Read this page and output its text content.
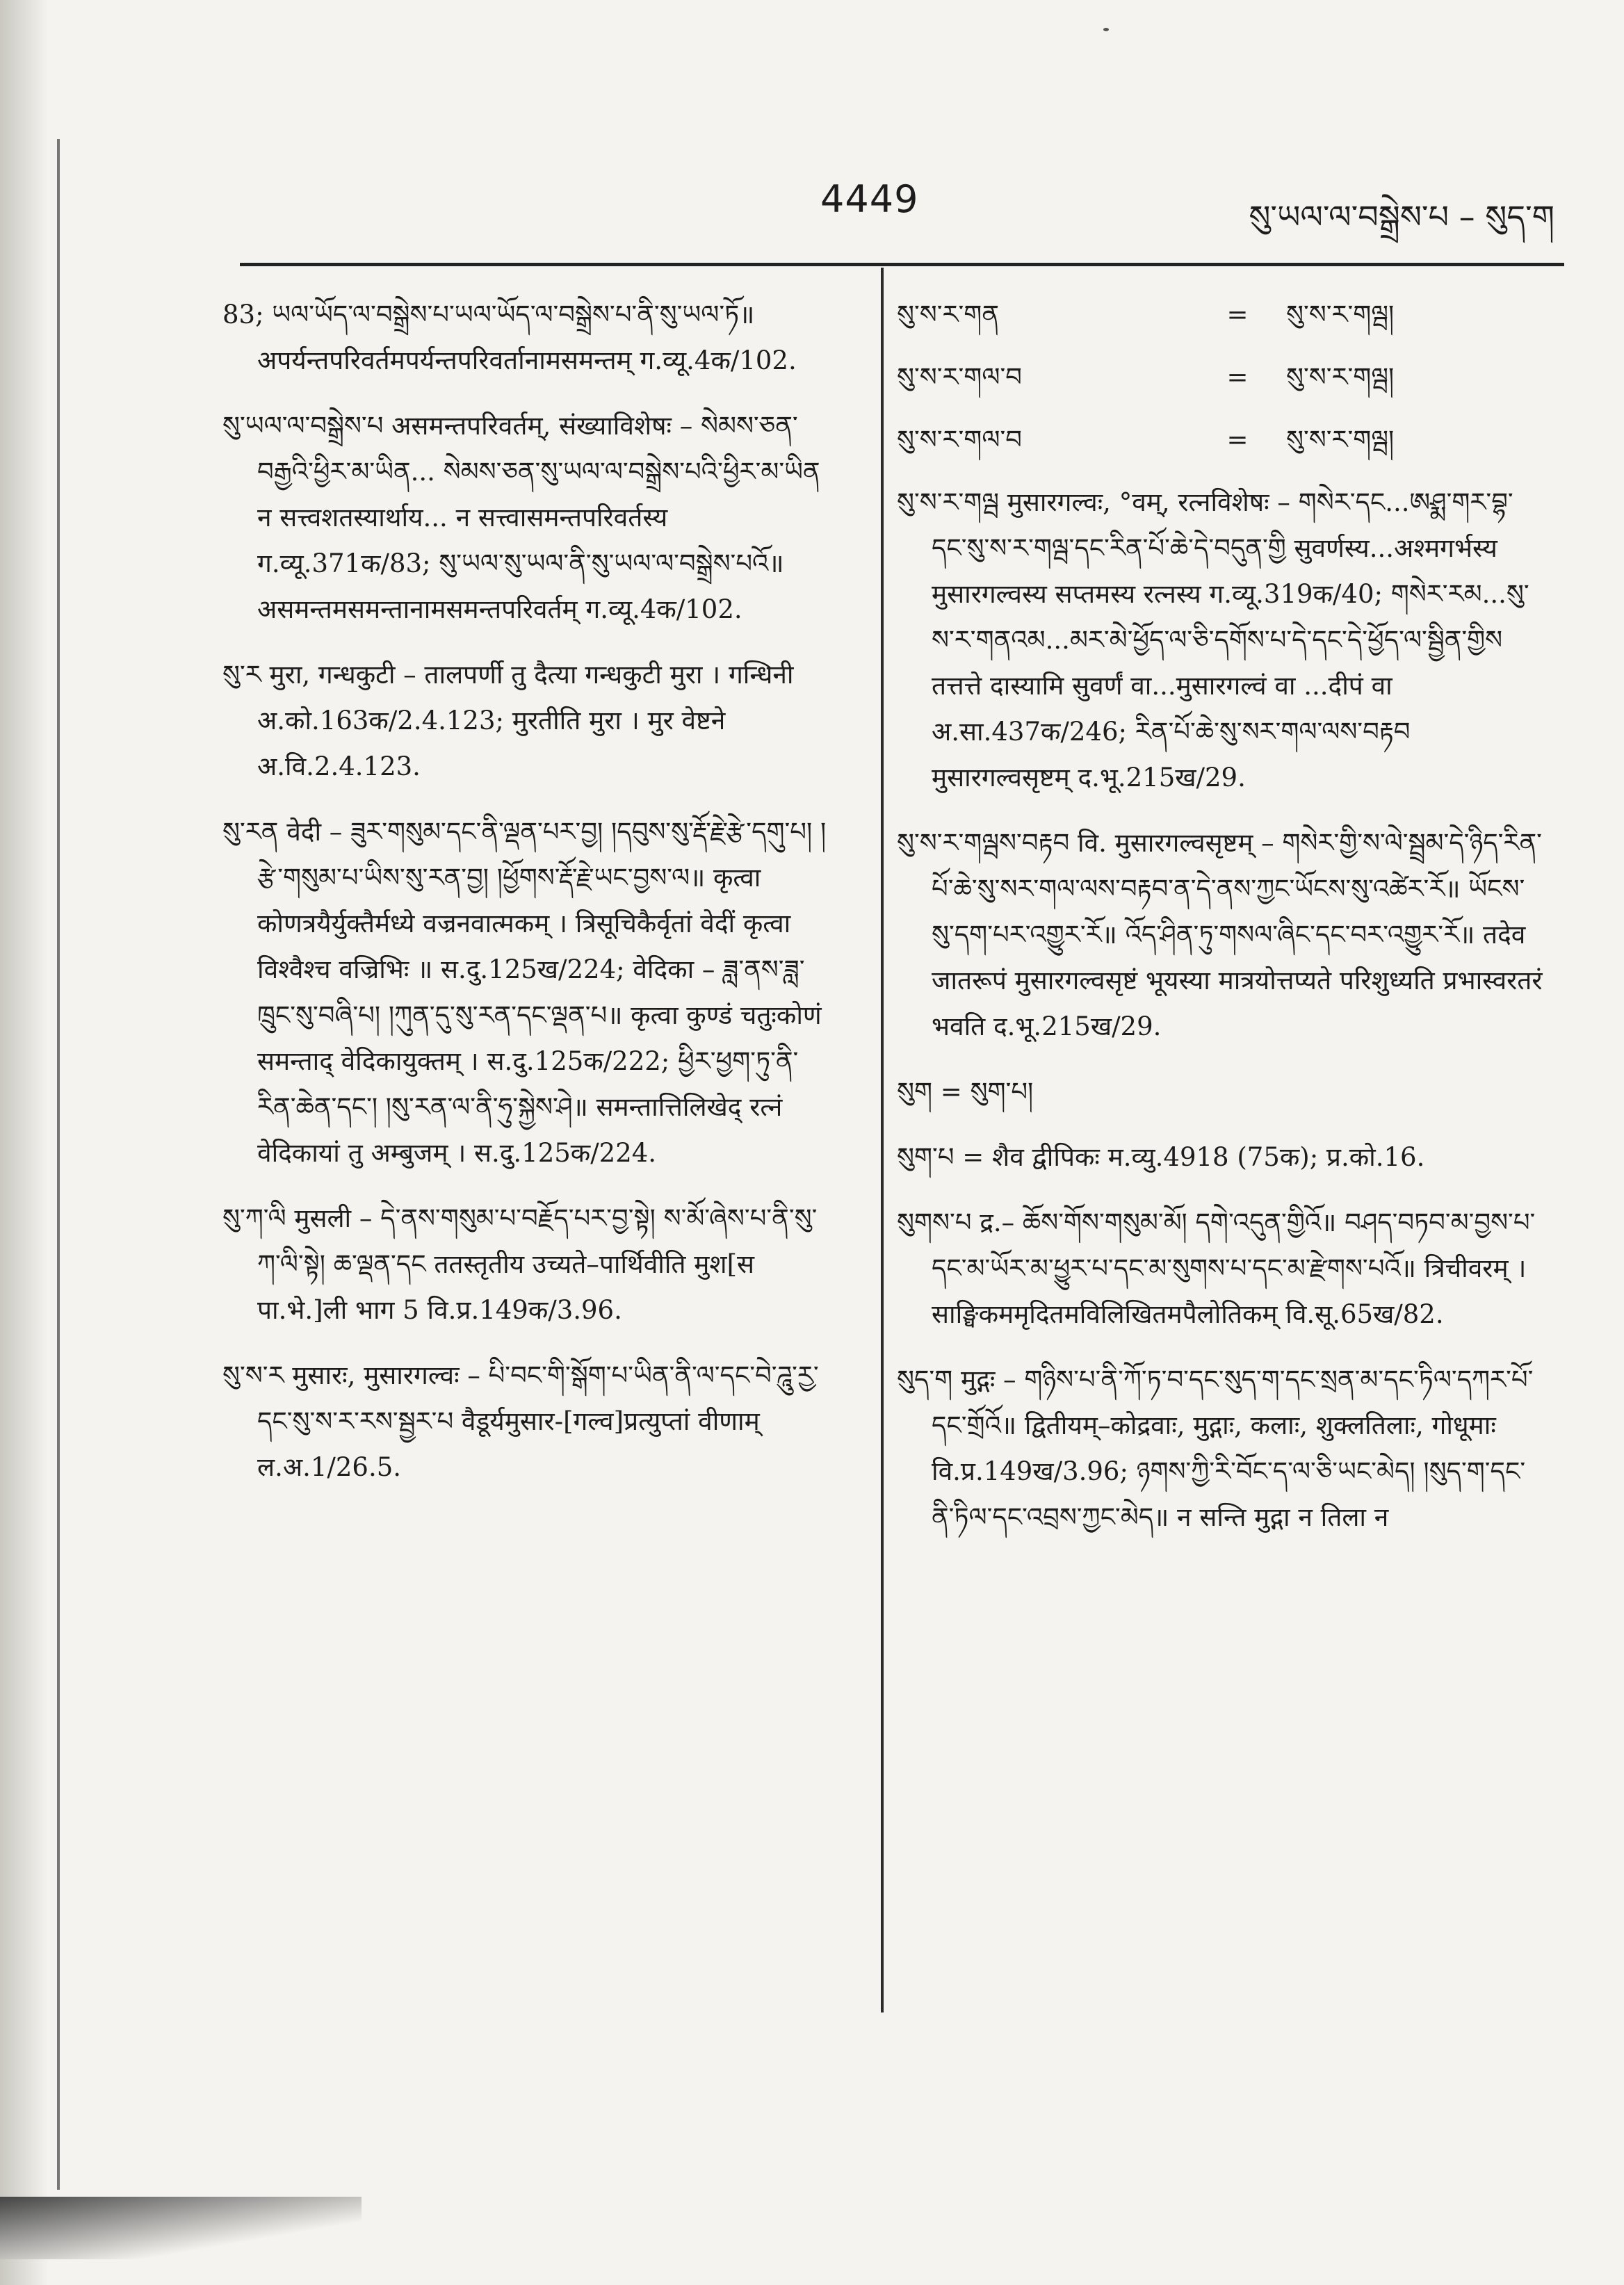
4449	སུ་ཡལ་ལ་བསྒྲེས་པ – སུད་ག

83; ཡལ་ཡོད་ལ་བསྒྲེས་པ་ཡལ་ཡོད་ལ་བསྒྲེས་པ་ནི་སུ་ཡལ་ཏོ॥ अपर्यन्तपरिवर्तमपर्यन्तपरिवर्तानामसमन्तम् ग.व्यू.4क/102.

སུ་ཡལ་ལ་བསྒྲེས་པ असमन्तपरिवर्तम्, संख्याविशेषः – སེམས་ཅན་བརྒྱའི་ཕྱིར་མ་ཡིན... སེམས་ཅན་སུ་ཡལ་ལ་བསྒྲེས་པའི་ཕྱིར་མ་ཡིན न सत्त्वशतस्यार्थाय... न सत्त्वासमन्तपरिवर्तस्य ग.व्यू.371क/83; སུ་ཡལ་སུ་ཡལ་ནི་སུ་ཡལ་ལ་བསྒྲེས་པའོ॥ असमन्तमसमन्तानामसमन्तपरिवर्तम् ग.व्यू.4क/102.

སུ་ར मुरा, गन्धकुटी – तालपर्णी तु दैत्या गन्धकुटी मुरा । गन्धिनी अ.को.163क/2.4.123; मुरतीति मुरा । मुर वेष्टने अ.वि.2.4.123.

སུ་རན वेदी – ཟུར་གསུམ་དང་ནི་ལྡན་པར་བྱ། །དབུས་སུ་རྡོ་རྗེ་རྩེ་དགུ་པ། །རྩེ་གསུམ་པ་ཡིས་སུ་རན་བྱ། །ཕྱོགས་རྡོ་རྗེ་ཡང་བྱས་ལ॥ कृत्वा कोणत्रयैर्युक्तैर्मध्ये वज्रनवात्मकम् । त्रिसूचिकैर्वृतां वेदीं कृत्वा विश्वैश्च वज्रिभिः ॥ स.दु.125ख/224; वेदिका – ཟླ་ནས་ཟླ་ཁྲུང་སུ་བཞི་པ། །ཀུན་དུ་སུ་རན་དང་ལྡན་པ॥ कृत्वा कुण्डं चतुःकोणं समन्ताद् वेदिकायुक्तम् । स.दु.125क/222; ཕྱིར་ཕྱག་ཏུ་ནི་རིན་ཆེན་དང་། །སུ་རན་ལ་ནི་ཧུ་སྐྱེས་ཤེ॥ समन्तात्तिलिखेद् रत्नं वेदिकायां तु अम्बुजम् । स.दु.125क/224.

སུ་ཀ་ལི मुसली – དེ་ནས་གསུམ་པ་བརྗོད་པར་བྱ་སྟེ། ས་མོ་ཞེས་པ་ནི་སུ་ཀ་ལི་སྟེ། ཆ་ལྡན་དང ततस्तृतीय उच्यते–पार्थिवीति मुश[स पा.भे.]ली भाग 5 वि.प्र.149क/3.96.

སུ་ས་ར मुसारः, मुसारगल्वः – པི་བང་གི་སྒོག་པ་ཡིན་ནི་ལ་དང་བེ་ཌཱུ་རྱ་དང་སུ་ས་ར་རས་སྦྱར་པ वैडूर्यमुसार-[गल्व]प्रत्युप्तां वीणाम् ल.अ.1/26.5.

སུ་ས་ར་གན	=	སུ་ས་ར་གལྦ།
སུ་ས་ར་གལ་བ	=	སུ་ས་ར་གལྦ།
སུ་ས་ར་གལ་བ	=	སུ་ས་ར་གལྦ།

སུ་ས་ར་གལྦ मुसारगल्वः, °वम्, रत्नविशेषः – གསེར་དང...ཨཤྨ་གར་བྷ་དང་སུ་ས་ར་གལྦ་དང་རིན་པོ་ཆེ་དེ་བདུན་གྱི सुवर्णस्य...अश्मगर्भस्य मुसारगल्वस्य सप्तमस्य रत्नस्य ग.व्यू.319क/40; གསེར་རམ...སུ་ས་ར་གནའམ...མར་མེ་ཕྱོད་ལ་ཅི་དགོས་པ་དེ་དང་དེ་ཕྱོད་ལ་སྦྱིན་གྱིས तत्तत्ते दास्यामि सुवर्णं वा...मुसारगल्वं वा ...दीपं वा अ.सा.437क/246; རིན་པོ་ཆེ་སུ་སར་གལ་ལས་བརྟབ मुसारगल्वसृष्टम् द.भू.215ख/29.

སུ་ས་ར་གལྦས་བརྟབ वि. मुसारगल्वसृष्टम् – གསེར་གྱི་ས་ལེ་སྦྲམ་དེ་ཉིད་རིན་པོ་ཆེ་སུ་སར་གལ་ལས་བརྟབ་ན་དེ་ནས་ཀྱང་ཡོངས་སུ་འཚེར་རོ॥ ཡོངས་སུ་དག་པར་འགྱུར་རོ॥ འོད་ཤིན་ཏུ་གསལ་ཞིང་དང་བར་འགྱུར་རོ॥ तदेव जातरूपं मुसारगल्वसृष्टं भूयस्या मात्रयोत्तप्यते परिशुध्यति प्रभास्वरतरं भवति द.भू.215ख/29.

སུག = སུག་པ།

སུག་པ = शैव द्वीपिकः म.व्यु.4918 (75क); प्र.को.16.

སུགས་པ द्र.– ཆོས་གོས་གསུམ་མོ། དགེ་འདུན་གྱིའོ॥ བཤད་བཏབ་མ་བྱས་པ་དང་མ་ཡོར་མ་ཕྱུར་པ་དང་མ་སུགས་པ་དང་མ་རྫེགས་པའོ॥ त्रिचीवरम् । साङ्घिकममृदितमविलिखितमपैलोतिकम् वि.सू.65ख/82.

སུད་ག मुद्गः – གཉིས་པ་ནི་ཀོ་ཏ་བ་དང་སུད་ག་དང་སྲན་མ་དང་ཏིལ་དཀར་པོ་དང་གྲོའོ॥ द्वितीयम्–कोद्रवाः, मुद्गाः, कलाः, शुक्लतिलाः, गोधूमाः वि.प्र.149ख/3.96; ཉགས་ཀྱི་རི་བོང་ད་ལ་ཅི་ཡང་མེད། །སུད་ག་དང་ནི་ཏིལ་དང་འབྲས་ཀྱང་མེད॥ न सन्ति मुद्गा न तिला न
